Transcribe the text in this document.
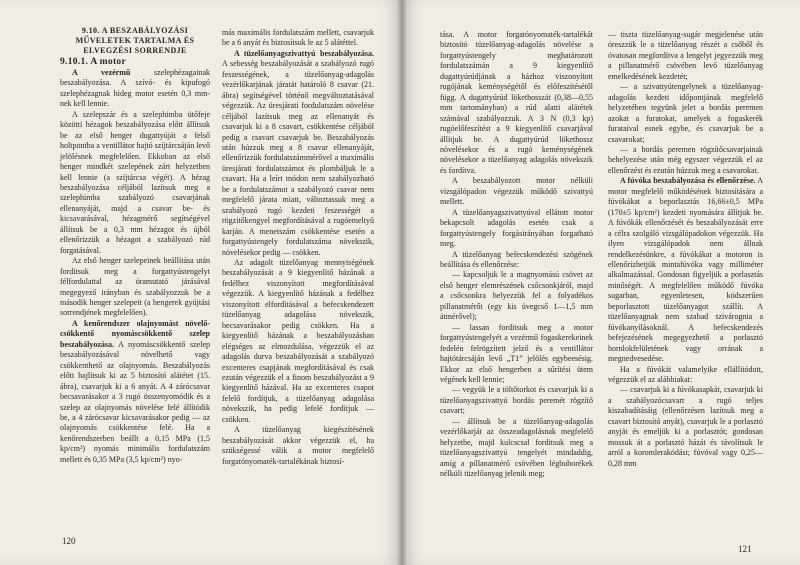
9.10. A BESZABÁLYOZÁSI MŰVELETEK TARTALMA ÉS ELVEGZÉSI SORRENDJE

9.10.1. A motor

A vezérmű szelephézagainak beszabályozása. A szívó- és kipufogó szelephézagnak hideg motor esetén 0,3 mm-nek kell lennie.

A szelepszár és a szelephimba ütőfeje közötti hézagok beszabályozása előtt állítsuk be az első henger dugattyúját a felső holtpontba a ventillátor hajtó szíjtárcsáján levő jelölésnek megfelelően. Ekkoban az első henger mindkét szelepének zárt helyzetben kell lennie (a szíjtárcsa végét). A hézag beszabályozása céljából lazítsuk meg a szelephimba szabályozó csavarjának ellenanyáját, majd a csavar be- és kicsavarásával, hézagmérő segítségével állítsuk be a 0,3 mm hézagot és újból ellenőrizzük a hézagot a szabályozó rúd forgatásával.

Az első henger szelepeinek beállítása után forditsuk meg a forgattyústengelyt félfordulattal az óramutató járásával megegyező irányban és szabályozzuk be a második henger szelepeit (a hengerek gyújtási sorrendjének megfelelően).

A kenőrendszer olajnyomást növelő-csökkentő nyomáscsökkentő szelep beszabályozása. A nyomáscsökkentő szelep beszabályozásával növelhető vagy csökkenthető az olajnyomás. Beszabályozás előtt hajlítsuk ki az 5 biztosító alátétet (15. ábra), csavarjuk ki a 6 anyát. A 4 zárócsavar becsavarásakor a 3 rugó összenyomódik és a szelep az olajnyomás növelése felé állítódik be, a 4 zárócsavar kicsavarásakor pedig — az olajnyomás csökkentése felé. Ha a kenőrendszerben beállt a 0,15 MPa (1,5 kp/cm²) nyomás minimális fordulatszám mellett és 0,35 MPa (3,5 kp/cm²) nyo-

más maximális fordulatszám mellett, csavarjuk be a 6 anyát és biztosítsuk le az 5 alátéttel.

A tüzelőanyagszivattyú beszabályozása. A sebesség beszabályozását a szabályozó rugó feszességének, a tüzelőanyag-adagolás vezérlőkarjának járatát határoló 8 csavar (21. ábra) segítségével történő megváltoztatásával végezzük. Az üresjárati fordulatszám növelése céljából lazítsuk meg az ellenanyát és csavarjuk ki a 8 csavart, csökkentése céljából pedig a csavart csavarjuk be. Beszabályozás után húzzuk meg a 8 csavar ellenanyáját, ellenőrizzük fordulatszámmérővel a maximális üresjárati fordulatszámot és plombáljuk le a csavart. Ha a leírt módon nem szabályozható be a fordulatszámot a szabályozó csavar nem megfelelő járata miatt, változtassuk meg a szabályozó rugó kezdeti feszességét a rögzítőkengyel megfordításával a rugóemeltyű karján. A menetszám csökkentése esetén a forgattyústengely fordulatszáma növekszik, növelésekor pedig — csökken.

Az adagolt tüzelőanyag mennyiségének beszabályozását a 9 kiegyenlítő házának a fedélhez viszonyított megfordításával végezzük. A kiegyenlítő házának a fedélhez viszonyított elfordításával a befecskendezett tüzelőanyag adagolása növekszik, becsavarásakor pedig csökken. Ha a kiegyenlítő házának a beszabályozásban elégséges az elmozdulása, végezzük el az adagolás durva beszabályozását a szabályozó excenteres csapjának megfordításával és csak ezután végezzük el a finom beszabályozást a 9 kiegyenlítő házával. Ha az excenteres csapot felelő fordítjuk, a tüzelőanyag adagolása növekszik, ha pedig lefelé fordítjuk — csökken.

A tüzelőanyag kiegészítésének beszabályozását akkor végezzük el, ha szükségessé válik a motor megfelelő forgatónyomaték-tartalékának biztosí-

120

tása. A motor forgatónyomaték-tartalékát biztosító tüzelőanyag-adagolás növelése a forgattyústengely meghatározott fordulatszámán a 9 kiegyenlítő dugattyúrúdjának a házhoz viszonyított rugójának keménységétől és előfeszítésétől függ. A dugattyúrúd lökethosszát (0,38—0,55 mm tartományban) a rúd alatti alátétek számával szabályozzuk. A 3 N (0,3 kp) rugóelőfeszítést a 9 kiegyenlítő csavarjával állítjuk be. A dugattyúrúd lökethossz növelésekor és a rugó keménységének növelésekor a tüzelőanyag adagolás növekszik és fordítva.

A beszabályozott motor nélküli vizsgálópadon végezzük működő szivattyú mellett.

A tüzelőanyagszivattyúval ellátott motor bekapcsolt adagolás esetén csak a forgattyústengely forgásirányában forgatható meg.

A tüzelőanyag befecskendezési szögének beállítása és ellenőrzése:

— kapcsoljuk le a magnyomású csövet az első henger elemrészének csőcsonkjáról, majd a csőcsonkra helyezzük fel a folyadékos pillanatmérőt (egy kis üvegcső 1—1,5 mm átmérővel);

— lassan forditsuk meg a motor forgattyústengelyét a vezérmű fogaskerekeinek fedelén felrögzített jelző és a ventillátor hajtótárcsáján levő „T1” jelölés egybeesésig. Ekkor az első hengerben a sűrítési ütem végének kell lennie;

— vegyük le a töltőtorkot és csavarjuk ki a tüzelőanyagszivattyú bordás peremét rögzítő csavart;

— állítsuk be a tüzelőanyag-adagolás vezérlőkarját az összeadagolásnak megfelelő helyzetbe, majd kulcscsal forditsuk meg a tüzelőanyagszivattyú tengelyét mindaddig, amíg a pillanatmérő csövében légbuborékek nélküli tüzelőanyag jelenik meg;

— tiszta tüzelőanyag-sugár megjelenése után óreszzük le a tüzelőanyag részét a csőből és óvatosan megfordítva a lengelyt jegyezzük meg a pillanatmérő csövében levő tüzelőanyag emelkedésének kezdetét;

— a szivattyútengelynek a tüzelőanyag-adagolás kezdeti időpontjának megfelelő helyzetében tegyünk jelet a bordás peremen azokat a furatokat, amelyek a fogaskerék furataival esnek egybe, és csavarjuk be a csavarokat;

— a bordás peremen rögzítőcsavarjainak behelyezése után még egyszer végezzük el az ellenőrzést és ezután húzzuk meg a csavarokat.

A fúvóka beszabályozása és ellenőrzése. A motor megfelelő működésének biztosítására a fúvókákat a beporlasztás 16,66±0,5 MPa (170±5 kp/cm²) kezdeti nyomására állítjuk be. A fúvókák ellenőrzését és beszabályozását erre a célra szolgáló vizsgálópadokon végezzük. Ha ilyen vizsgálópadok nem állnak rendelkezésünkre, a fúvókákat a motoron is ellenőrizhetjük mintafúvóka vagy milliméter alkalmazással. Gondosan figyeljük a porlasztás minőségét. A megfelelően működő fúvóka sugarban, egyenletesen, ködszerűen beporlasztott tüzelőanyagot szállít. A tüzelőanyagnak nem szabad szivárognia a fúvókanyílásoknál. A befecskendezés befejezésének megegyezhető a porlasztó hornlokfelületének vagy orrának a megnedvesedése.

Ha a fúvókát valamelyike ellállítódott, végezzük el az alábbiakat:

— csavarjuk ki a fúvókasapkát, csavarjuk ki a szabályozócsavart a rugó teljes kiszabadításáig (ellenőrzésen lazítsuk meg a csavart biztosító anyát), csavarjuk le a porlasztó anyját és emeljük ki a porlasztót; gondosan mossuk át a porlasztó házát és távolítsuk le arról a koromlerakódást; fúvóval vagy 0,25—0,28 mm

121
